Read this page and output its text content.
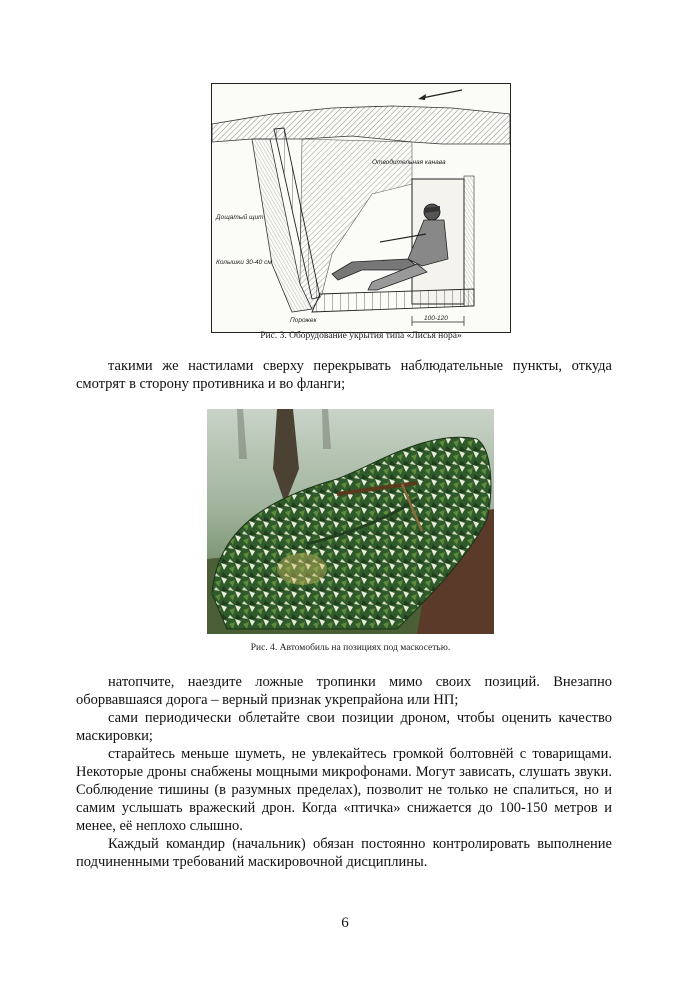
Отводительная канава
Дощатый щит
Колышки 30-40 см
Порожек	100-120
Рис. 3. Оборудование укрытия типа «Лисья нора»

такими же настилами сверху перекрывать наблюдательные пункты, откуда смотрят в сторону противника и во фланги;

Рис. 4. Автомобиль на позициях под маскосетью.

натопчите, наездите ложные тропинки мимо своих позиций. Внезапно оборвавшаяся дорога – верный признак укрепрайона или НП;

сами периодически облетайте свои позиции дроном, чтобы оценить качество маскировки;

старайтесь меньше шуметь, не увлекайтесь громкой болтовнёй с товарищами. Некоторые дроны снабжены мощными микрофонами. Могут зависать, слушать звуки. Соблюдение тишины (в разумных пределах), позволит не только не спалиться, но и самим услышать вражеский дрон. Когда «птичка» снижается до 100-150 метров и менее, её неплохо слышно.

Каждый командир (начальник) обязан постоянно контролировать выполнение подчиненными требований маскировочной дисциплины.

6
